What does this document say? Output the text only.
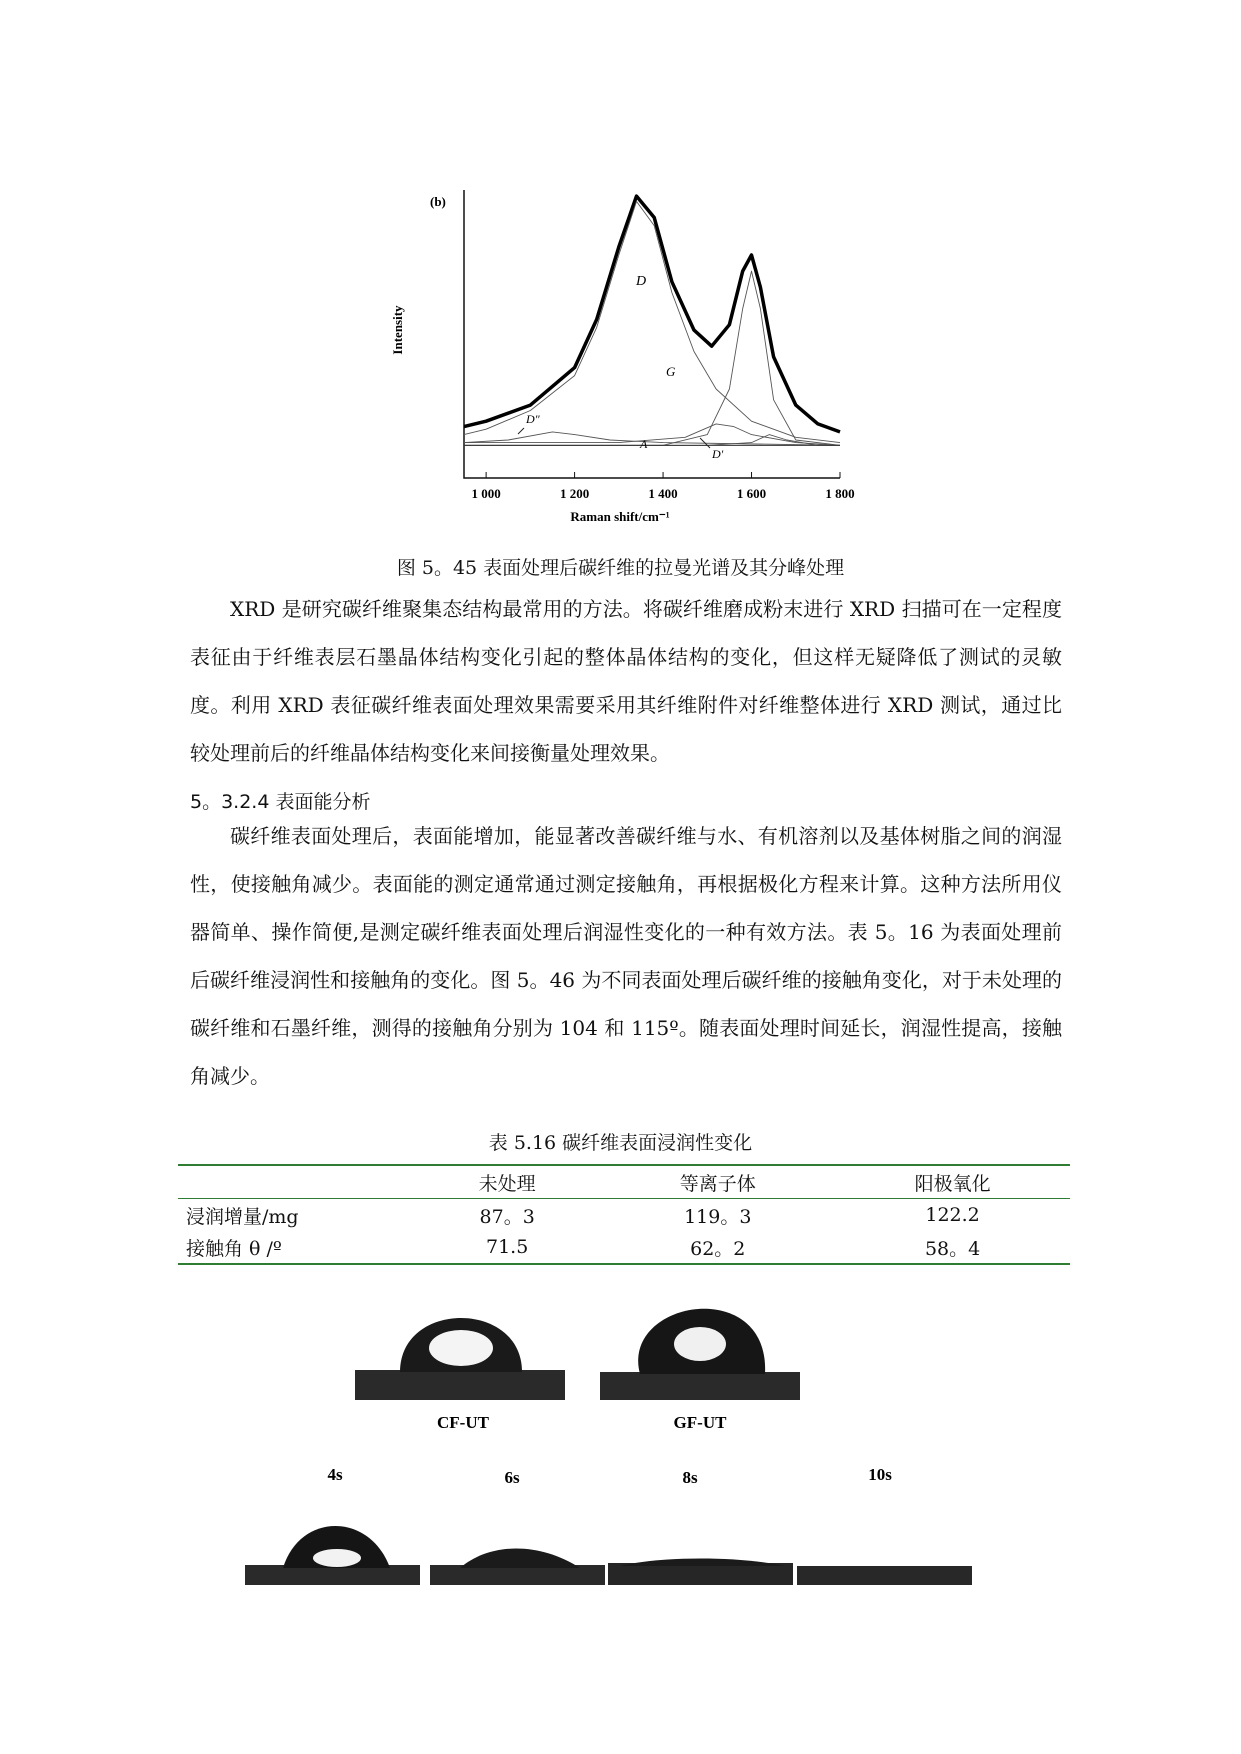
(b)
Intensity
Raman shift/cm⁻¹
1 000	1 200	1 400	1 600	1 800
D
G
D"
A
D'
图 5。45 表面处理后碳纤维的拉曼光谱及其分峰处理

XRD 是研究碳纤维聚集态结构最常用的方法。将碳纤维磨成粉末进行 XRD 扫描可在一定程度表征由于纤维表层石墨晶体结构变化引起的整体晶体结构的变化，但这样无疑降低了测试的灵敏度。利用 XRD 表征碳纤维表面处理效果需要采用其纤维附件对纤维整体进行 XRD 测试，通过比较处理前后的纤维晶体结构变化来间接衡量处理效果。

5。3.2.4 表面能分析

碳纤维表面处理后，表面能增加，能显著改善碳纤维与水、有机溶剂以及基体树脂之间的润湿性，使接触角减少。表面能的测定通常通过测定接触角，再根据极化方程来计算。这种方法所用仪器简单、操作简便,是测定碳纤维表面处理后润湿性变化的一种有效方法。表 5。16 为表面处理前后碳纤维浸润性和接触角的变化。图 5。46 为不同表面处理后碳纤维的接触角变化，对于未处理的碳纤维和石墨纤维，测得的接触角分别为 104 和 115º。随表面处理时间延长，润湿性提高，接触角减少。

表 5.16 碳纤维表面浸润性变化
	未处理	等离子体	阳极氧化
浸润增量/mg	87。3	119。3	122.2
接触角 θ /º	71.5	62。2	58。4
CF-UT	GF-UT
4s	6s	8s	10s
